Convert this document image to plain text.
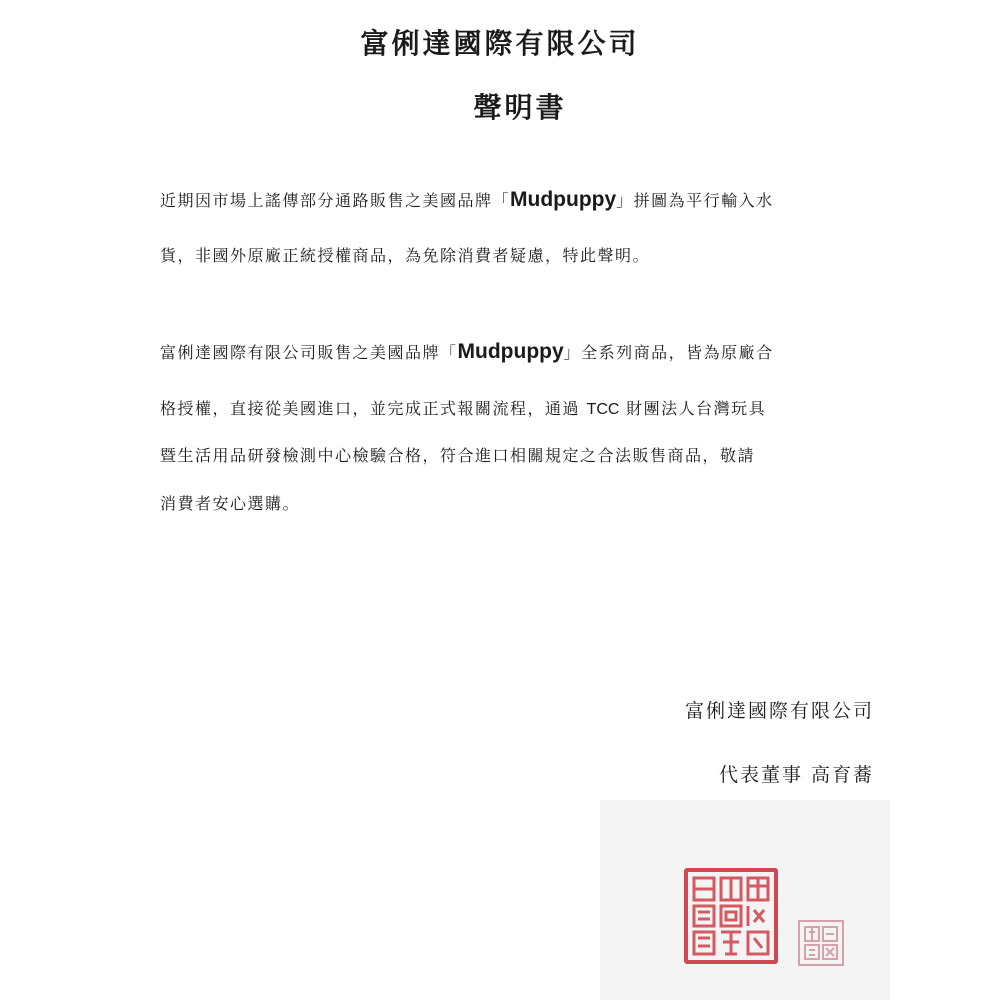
富俐達國際有限公司
聲明書
近期因市場上謠傳部分通路販售之美國品牌「Mudpuppy」拼圖為平行輸入水
貨，非國外原廠正統授權商品，為免除消費者疑慮，特此聲明。
富俐達國際有限公司販售之美國品牌「Mudpuppy」全系列商品，皆為原廠合
格授權，直接從美國進口，並完成正式報關流程，通過 TCC 財團法人台灣玩具
暨生活用品研發檢測中心檢驗合格，符合進口相關規定之合法販售商品，敬請
消費者安心選購。
富俐達國際有限公司
代表董事 高育蕎
